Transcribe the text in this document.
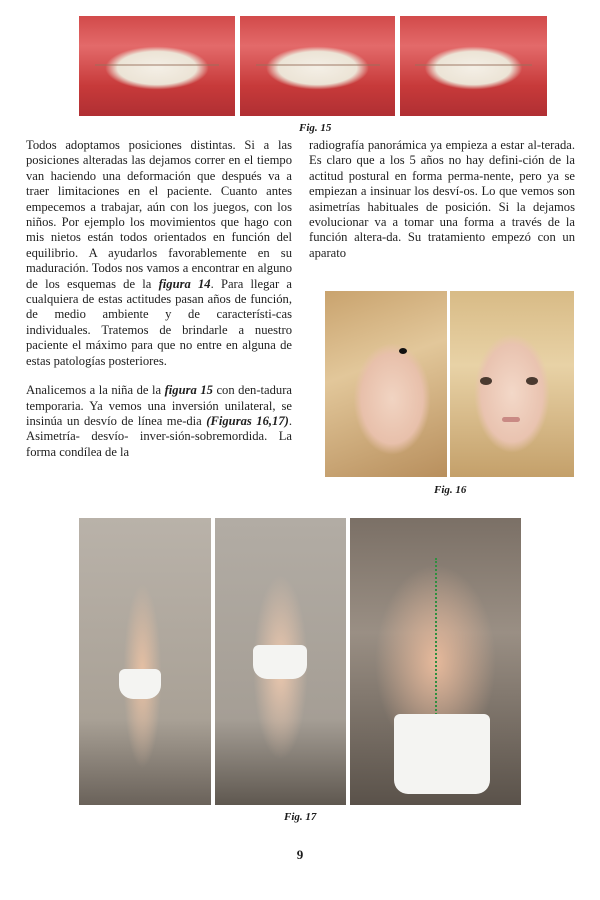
Fig. 15

Todos adoptamos posiciones distintas. Si a las posiciones alteradas las dejamos correr en el tiempo van haciendo una deformación que después va a traer limitaciones en el paciente. Cuanto antes empecemos a trabajar, aún con los juegos, con los niños. Por ejemplo los movimientos que hago con mis nietos están todos orientados en función del equilibrio. A ayudarlos favorablemente en su maduración. Todos nos vamos a encontrar en alguno de los esquemas de la figura 14. Para llegar a cualquiera de estas actitudes pasan años de función, de medio ambiente y de característi-cas individuales. Tratemos de brindarle a nuestro paciente el máximo para que no entre en alguna de estas patologías posteriores.

Analicemos a la niña de la figura 15 con den-tadura temporaria. Ya vemos una inversión unilateral, se insinúa un desvío de línea me-dia (Figuras 16,17). Asimetría- desvío- inver-sión-sobremordida. La forma condílea de la

radiografía panorámica ya empieza a estar al-terada. Es claro que a los 5 años no hay defini-ción de la actitud postural en forma perma-nente, pero ya se empiezan a insinuar los desví-os. Lo que vemos son asimetrías habituales de posición. Si la dejamos evolucionar va a tomar una forma a través de la función altera-da. Su tratamiento empezó con un aparato

Fig. 16
Fig. 17
9
